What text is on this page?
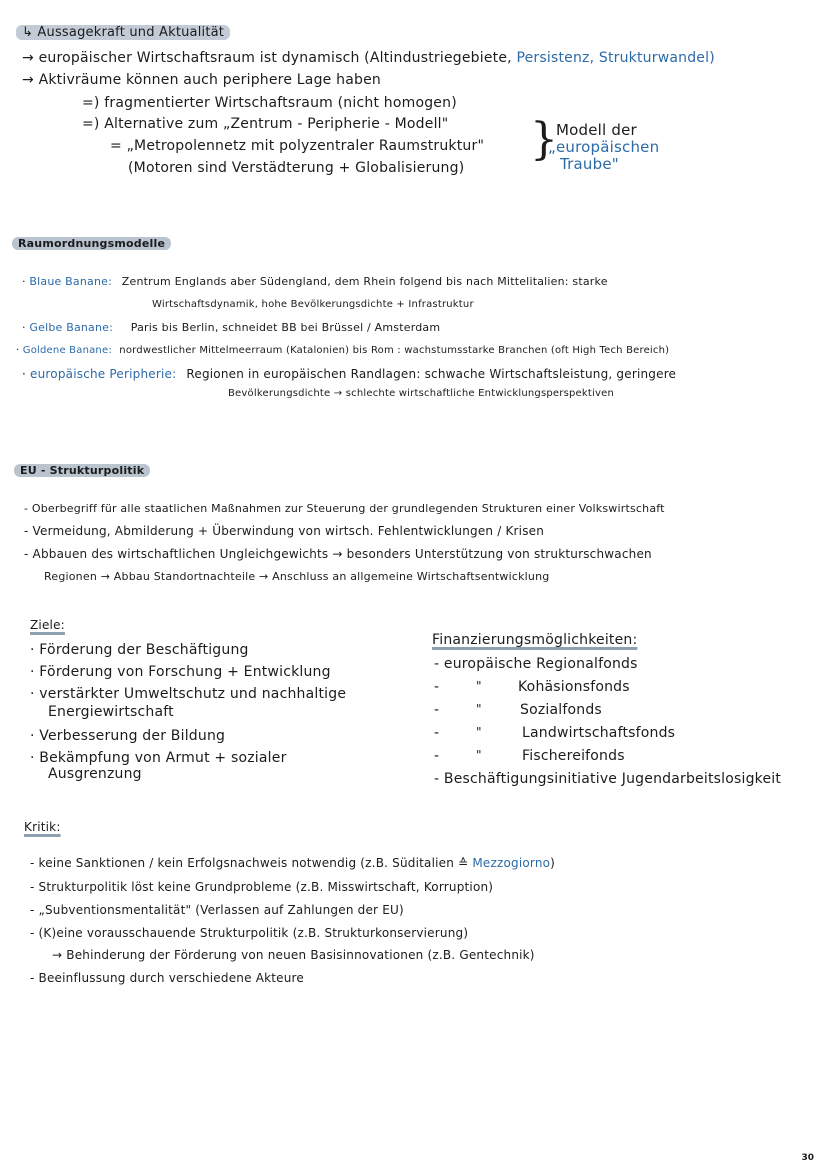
↳ Aussagekraft und Aktualität
→ europäischer Wirtschaftsraum ist dynamisch (Altindustriegebiete, Persistenz, Strukturwandel)
→ Aktivräume können auch periphere Lage haben
=) fragmentierter Wirtschaftsraum (nicht homogen)
=) Alternative zum „Zentrum - Peripherie - Modell"
= „Metropolennetz mit polyzentraler Raumstruktur"
(Motoren sind Verstädterung + Globalisierung)
}
Modell der
„europäischen
Traube"
Raumordnungsmodelle
· Blaue Banane: Zentrum Englands aber Südengland, dem Rhein folgend bis nach Mittelitalien: starke
Wirtschaftsdynamik, hohe Bevölkerungsdichte + Infrastruktur
· Gelbe Banane: Paris bis Berlin, schneidet BB bei Brüssel / Amsterdam
· Goldene Banane: nordwestlicher Mittelmeerraum (Katalonien) bis Rom : wachstumsstarke Branchen (oft High Tech Bereich)
· europäische Peripherie: Regionen in europäischen Randlagen: schwache Wirtschaftsleistung, geringere
Bevölkerungsdichte → schlechte wirtschaftliche Entwicklungsperspektiven
EU - Strukturpolitik
- Oberbegriff für alle staatlichen Maßnahmen zur Steuerung der grundlegenden Strukturen einer Volkswirtschaft
- Vermeidung, Abmilderung + Überwindung von wirtsch. Fehlentwicklungen / Krisen
- Abbauen des wirtschaftlichen Ungleichgewichts → besonders Unterstützung von strukturschwachen
Regionen → Abbau Standortnachteile → Anschluss an allgemeine Wirtschaftsentwicklung
Ziele:
· Förderung der Beschäftigung
· Förderung von Forschung + Entwicklung
· verstärkter Umweltschutz und nachhaltige
Energiewirtschaft
· Verbesserung der Bildung
· Bekämpfung von Armut + sozialer
Ausgrenzung
Finanzierungsmöglichkeiten:
- europäische Regionalfonds
-	"	Kohäsionsfonds
-	"	Sozialfonds
-	"	Landwirtschaftsfonds
-	"	Fischereifonds
- Beschäftigungsinitiative Jugendarbeitslosigkeit
Kritik:
- keine Sanktionen / kein Erfolgsnachweis notwendig (z.B. Süditalien ≙ Mezzogiorno)
- Strukturpolitik löst keine Grundprobleme (z.B. Misswirtschaft, Korruption)
- „Subventionsmentalität" (Verlassen auf Zahlungen der EU)
- (K)eine vorausschauende Strukturpolitik (z.B. Strukturkonservierung)
→ Behinderung der Förderung von neuen Basisinnovationen (z.B. Gentechnik)
- Beeinflussung durch verschiedene Akteure
30
